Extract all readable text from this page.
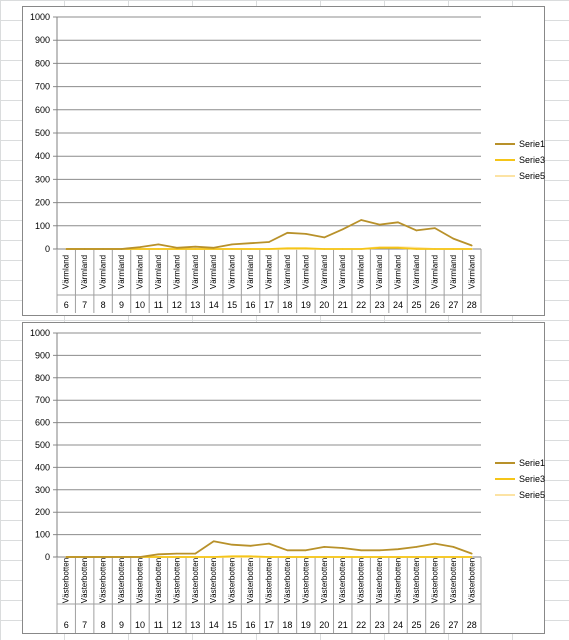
0
100
200
300
400
500
600
700
800
900
1000
Värmland
6
Värmland
7
Värmland
8
Värmland
9
Värmland
10
Värmland
11
Värmland
12
Värmland
13
Värmland
14
Värmland
15
Värmland
16
Värmland
17
Värmland
18
Värmland
19
Värmland
20
Värmland
21
Värmland
22
Värmland
23
Värmland
24
Värmland
25
Värmland
26
Värmland
27
Värmland
28
Serie1
Serie3
Serie5
0
100
200
300
400
500
600
700
800
900
1000
Västerbotten
6
Västerbotten
7
Västerbotten
8
Västerbotten
9
Västerbotten
10
Västerbotten
11
Västerbotten
12
Västerbotten
13
Västerbotten
14
Västerbotten
15
Västerbotten
16
Västerbotten
17
Västerbotten
18
Västerbotten
19
Västerbotten
20
Västerbotten
21
Västerbotten
22
Västerbotten
23
Västerbotten
24
Västerbotten
25
Västerbotten
26
Västerbotten
27
Västerbotten
28
Serie1
Serie3
Serie5
